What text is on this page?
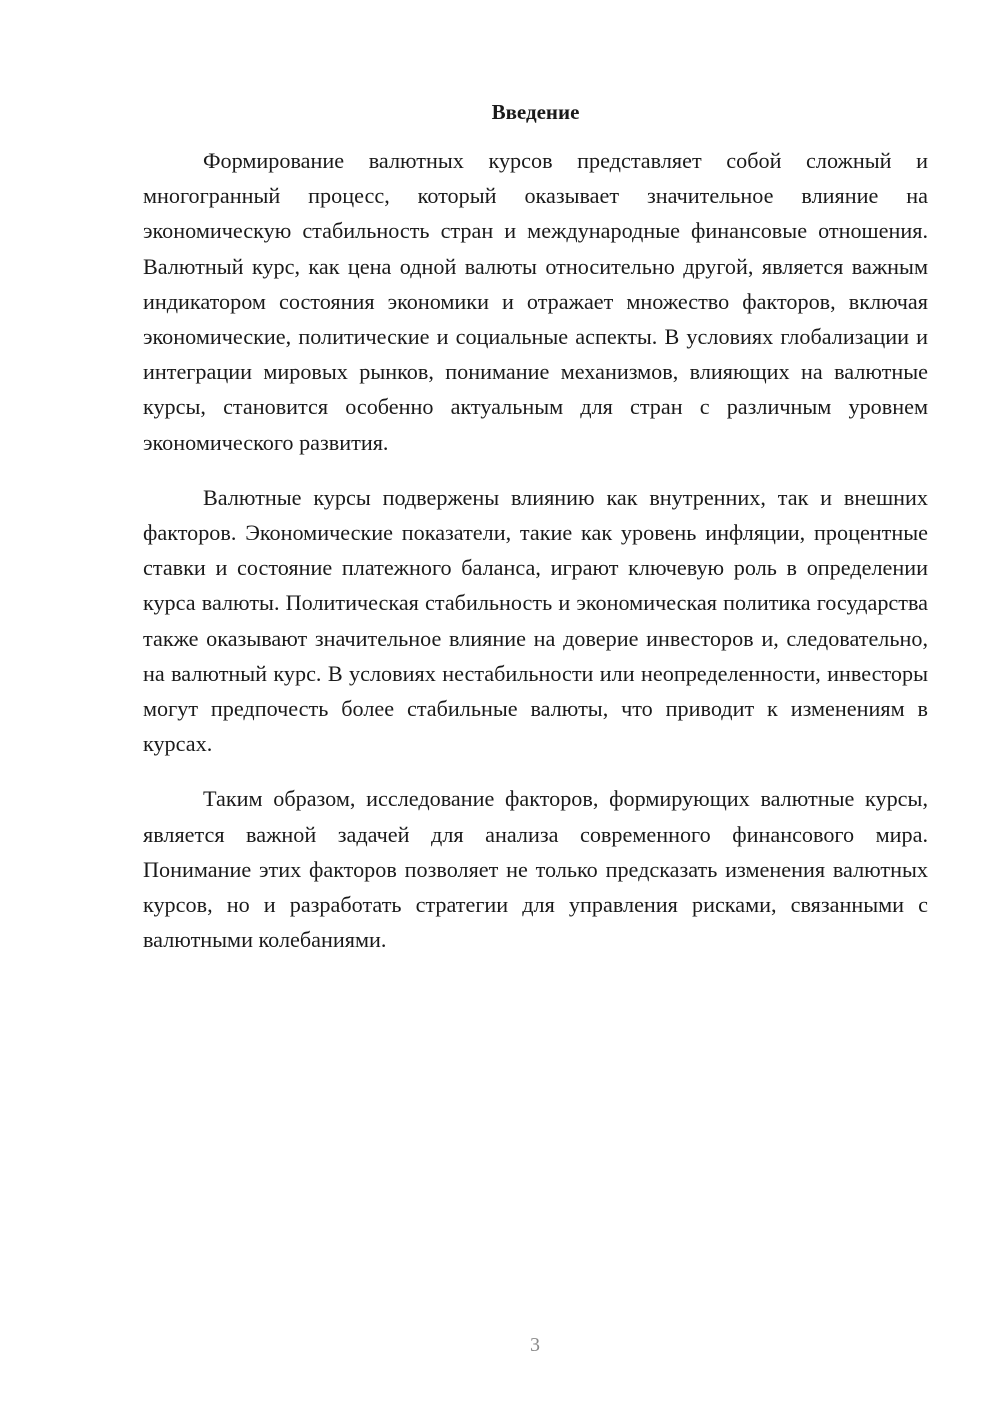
Введение

Формирование валютных курсов представляет собой сложный и многогранный процесс, который оказывает значительное влияние на экономическую стабильность стран и международные финансовые отношения. Валютный курс, как цена одной валюты относительно другой, является важным индикатором состояния экономики и отражает множество факторов, включая экономические, политические и социальные аспекты. В условиях глобализации и интеграции мировых рынков, понимание механизмов, влияющих на валютные курсы, становится особенно актуальным для стран с различным уровнем экономического развития.

Валютные курсы подвержены влиянию как внутренних, так и внешних факторов. Экономические показатели, такие как уровень инфляции, процентные ставки и состояние платежного баланса, играют ключевую роль в определении курса валюты. Политическая стабильность и экономическая политика государства также оказывают значительное влияние на доверие инвесторов и, следовательно, на валютный курс. В условиях нестабильности или неопределенности, инвесторы могут предпочесть более стабильные валюты, что приводит к изменениям в курсах.

Таким образом, исследование факторов, формирующих валютные курсы, является важной задачей для анализа современного финансового мира. Понимание этих факторов позволяет не только предсказать изменения валютных курсов, но и разработать стратегии для управления рисками, связанными с валютными колебаниями.

3
